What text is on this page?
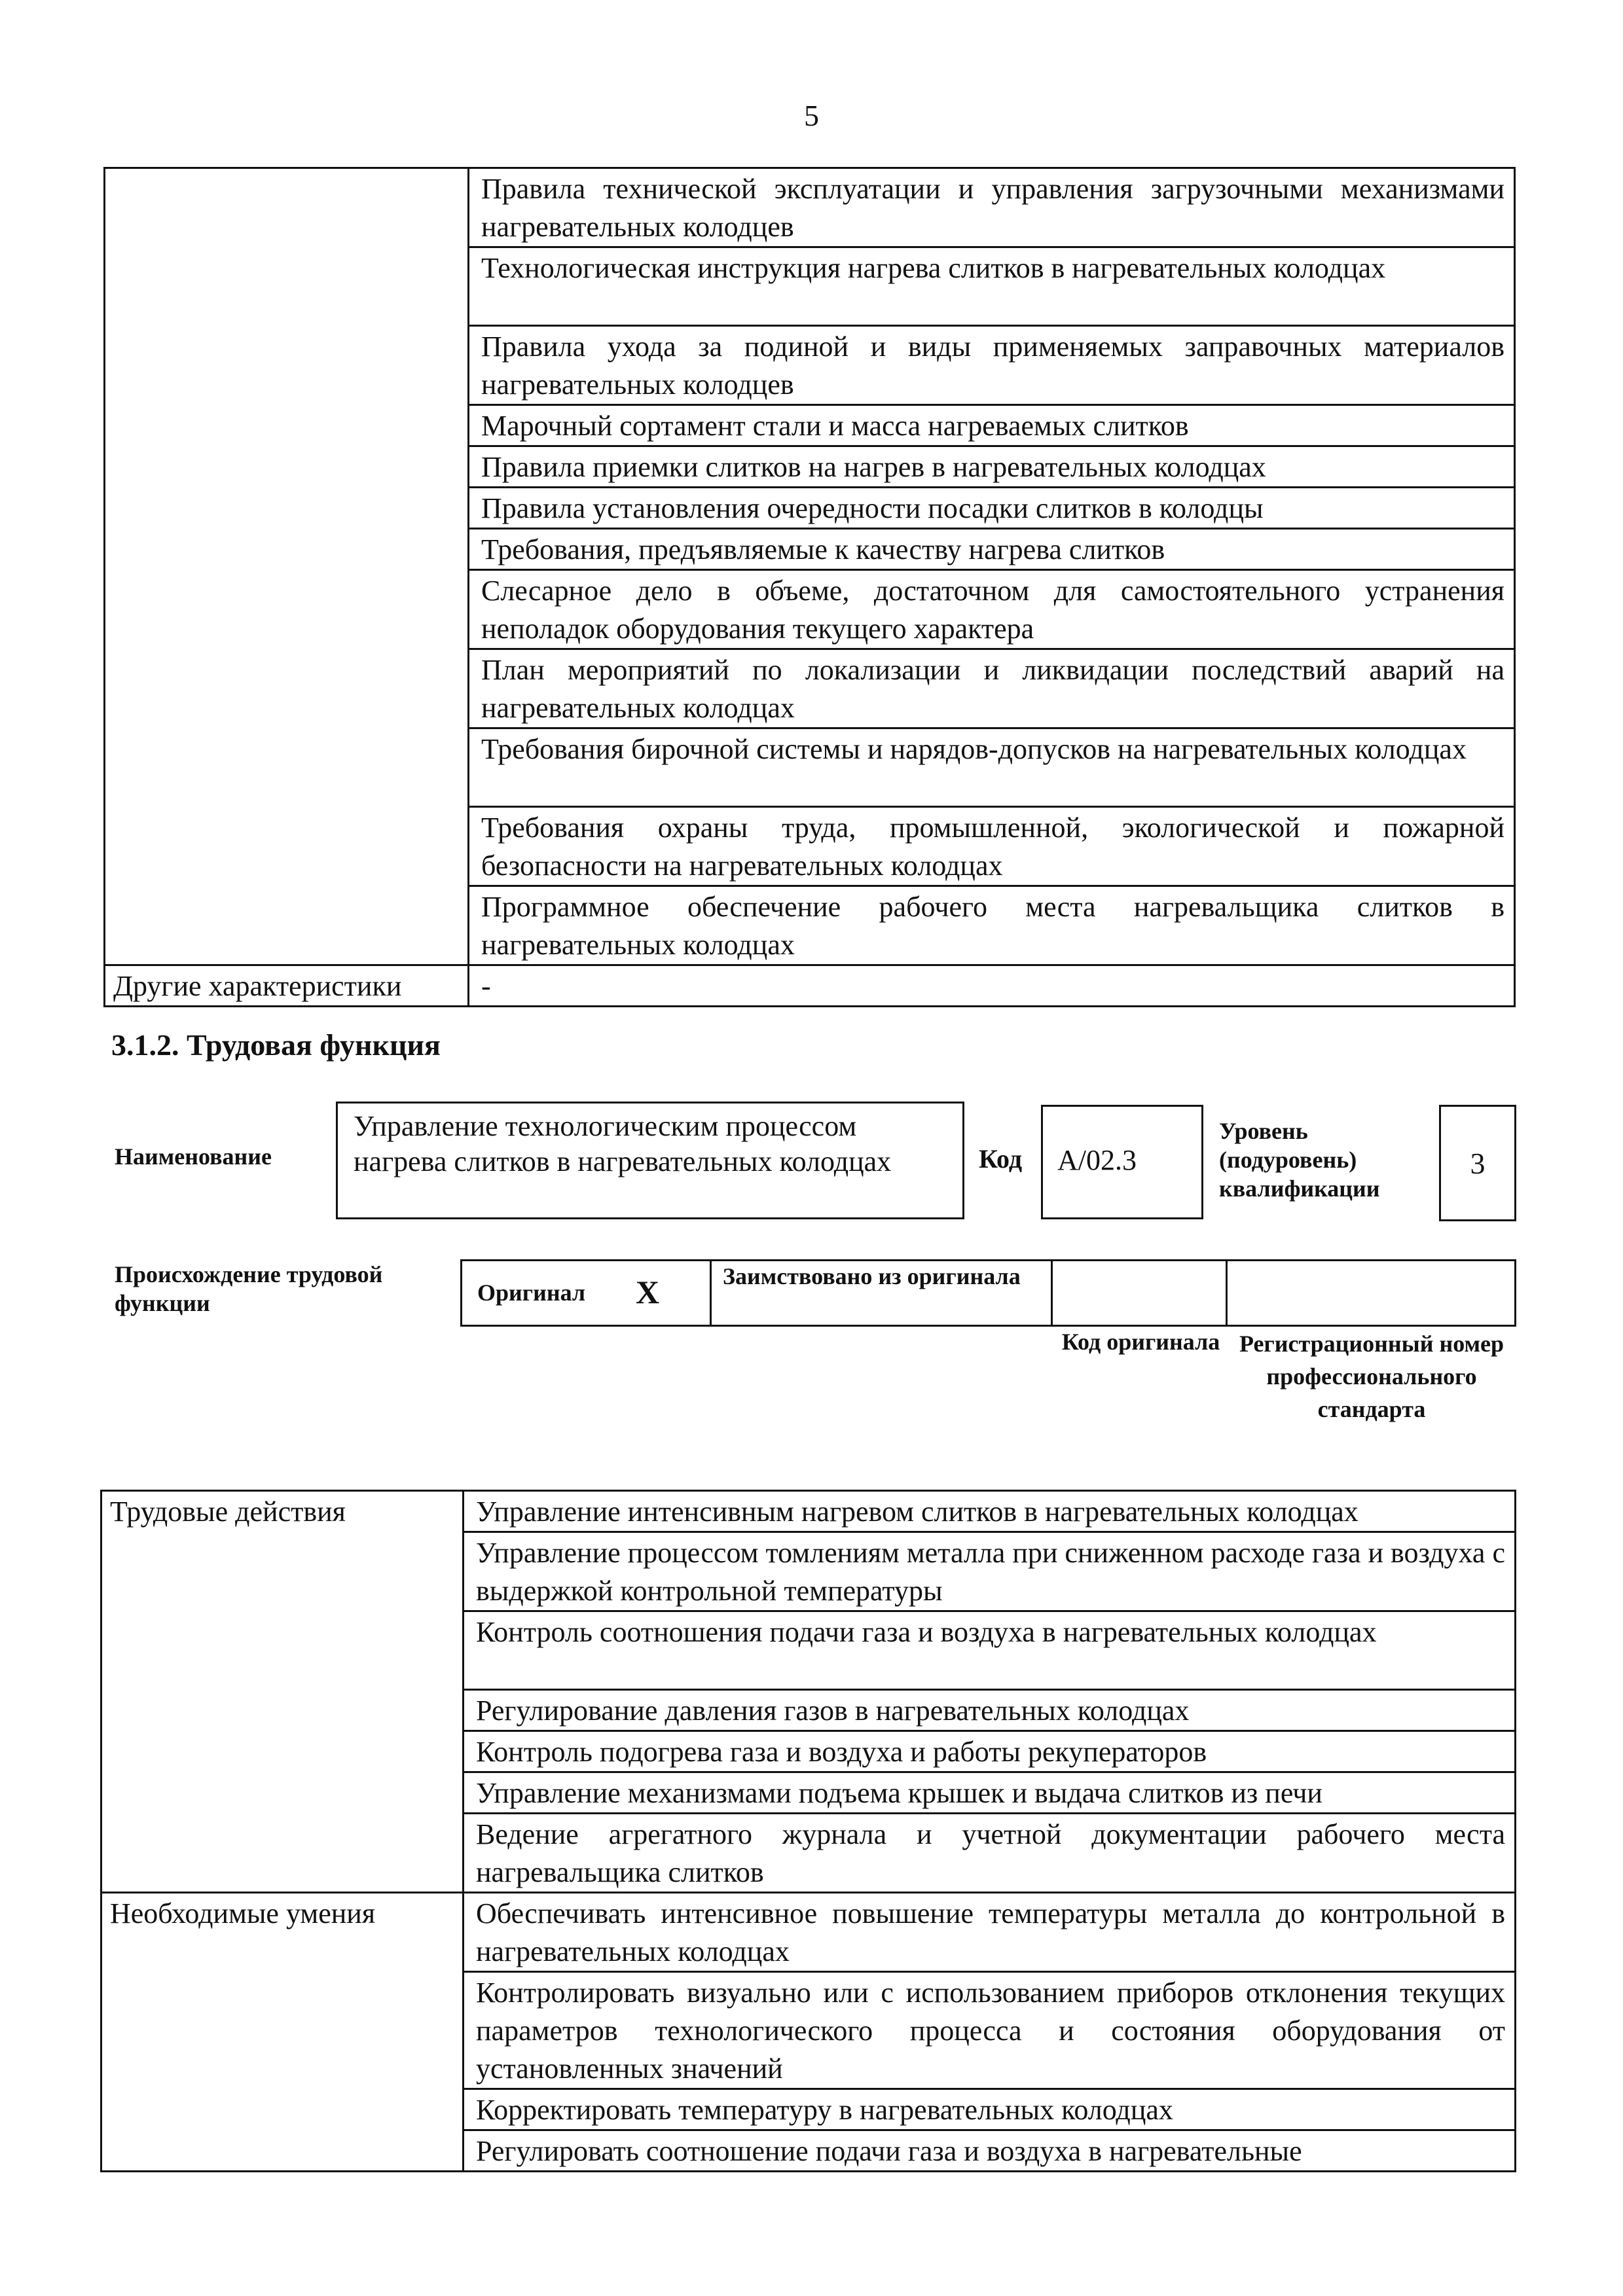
5

	Правила технической эксплуатации и управления загрузочными механизмами нагревательных колодцев

	Технологическая инструкция нагрева слитков в нагревательных колодцах

	Правила ухода за подиной и виды применяемых заправочных материалов нагревательных колодцев

	Марочный сортамент стали и масса нагреваемых слитков

	Правила приемки слитков на нагрев в нагревательных колодцах

	Правила установления очередности посадки слитков в колодцы

	Требования, предъявляемые к качеству нагрева слитков

	Слесарное дело в объеме, достаточном для самостоятельного устранения неполадок оборудования текущего характера

	План мероприятий по локализации и ликвидации последствий аварий на нагревательных колодцах

	Требования бирочной системы и нарядов-допусков на нагревательных колодцах

	Требования охраны труда, промышленной, экологической и пожарной безопасности на нагревательных колодцах

	Программное обеспечение рабочего места нагревальщика слитков в нагревательных колодцах

Другие характеристики	-
3.1.2. Трудовая функция
Наименование
Управление технологическим процессом нагрева слитков в нагревательных колодцах	Код	А/02.3
Уровень (подуровень) квалификации
3
Происхождение трудовой функции	Оригинал X	Заимствовано из оригинала
Код оригинала Регистрационный номер профессионального стандарта
Трудовые действия	Управление интенсивным нагревом слитков в нагревательных колодцах

	Управление процессом томлениям металла при сниженном расходе газа и воздуха с выдержкой контрольной температуры

	Контроль соотношения подачи газа и воздуха в нагревательных колодцах

	Регулирование давления газов в нагревательных колодцах

	Контроль подогрева газа и воздуха и работы рекуператоров

	Управление механизмами подъема крышек и выдача слитков из печи

	Ведение агрегатного журнала и учетной документации рабочего места нагревальщика слитков

Необходимые умения	Обеспечивать интенсивное повышение температуры металла до контрольной в нагревательных колодцах

	Контролировать визуально или с использованием приборов отклонения текущих параметров технологического процесса и состояния оборудования от установленных значений

	Корректировать температуру в нагревательных колодцах

	Регулировать соотношение подачи газа и воздуха в нагревательные
